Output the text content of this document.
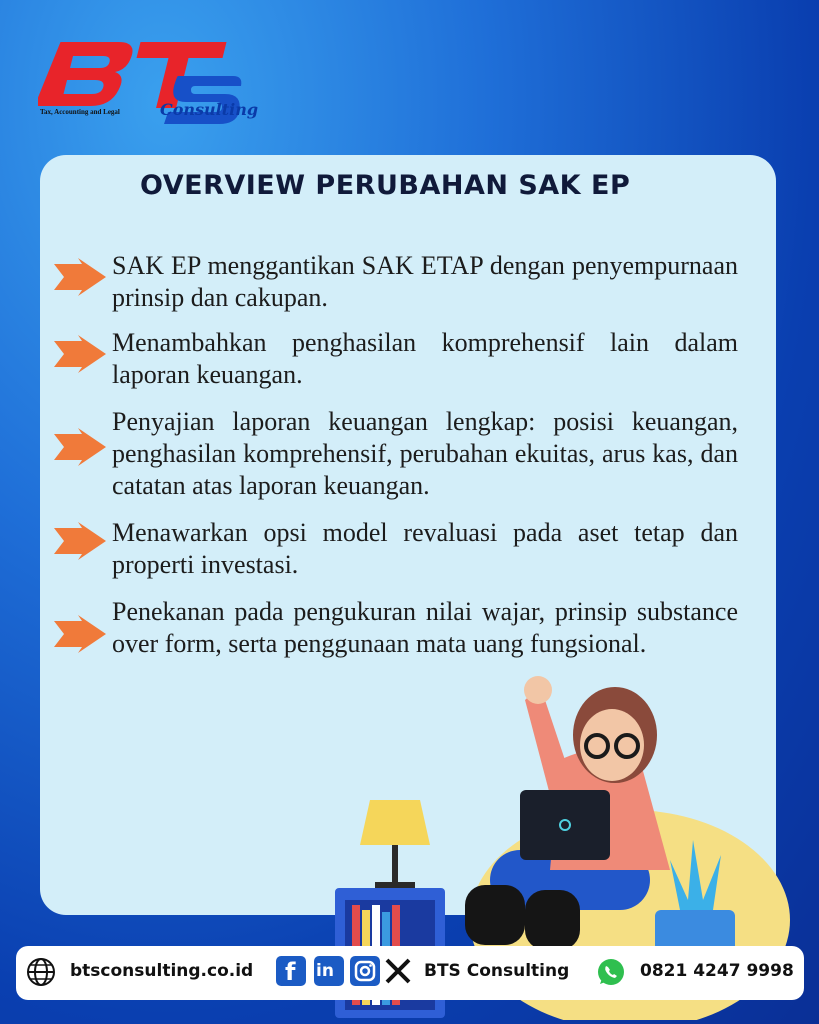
Tax, Accounting and Legal	Consulting
OVERVIEW PERUBAHAN SAK EP
SAK EP menggantikan SAK ETAP dengan penyempurnaan prinsip dan cakupan.
Menambahkan penghasilan komprehensif lain dalam laporan keuangan.
Penyajian laporan keuangan lengkap: posisi keuangan, penghasilan komprehensif, perubahan ekuitas, arus kas, dan catatan atas laporan keuangan.
Menawarkan opsi model revaluasi pada aset tetap dan properti investasi.
Penekanan pada pengukuran nilai wajar, prinsip substance over form, serta penggunaan mata uang fungsional.
btsconsulting.co.id f in	BTS Consulting	0821 4247 9998
